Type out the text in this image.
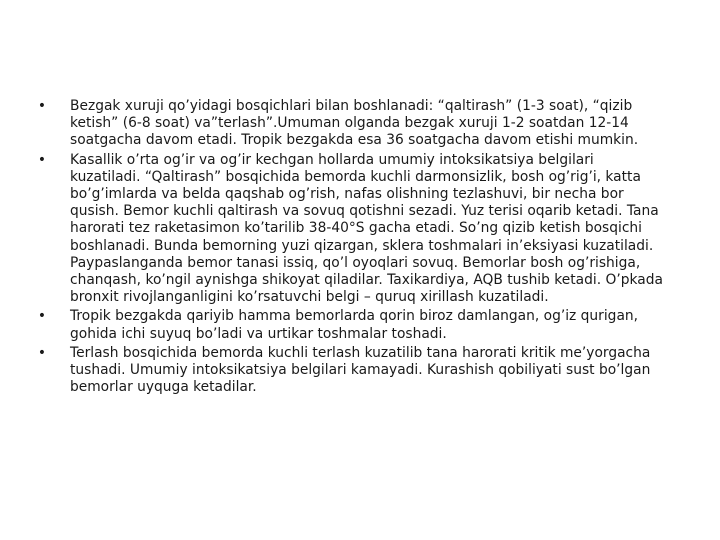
• Bezgak xuruji qo’yidagi bosqichlari bilan boshlanadi: “qaltirash” (1-3 soat), “qizib ketish” (6-8 soat) va”terlash”.Umuman olganda bezgak xuruji 1-2 soatdan 12-14 soatgacha davom etadi. Tropik bezgakda esa 36 soatgacha davom etishi mumkin.
• Kasallik o’rta og’ir va og’ir kechgan hollarda umumiy intoksikatsiya belgilari kuzatiladi. “Qaltirash” bosqichida bemorda kuchli darmonsizlik, bosh og’rig’i, katta bo’g’imlarda va belda qaqshab og’rish, nafas olishning tezlashuvi, bir necha bor qusish. Bemor kuchli qaltirash va sovuq qotishni sezadi. Yuz terisi oqarib ketadi. Tana harorati tez raketasimon ko’tarilib 38-40°S gacha etadi. So’ng qizib ketish bosqichi boshlanadi. Bunda bemorning yuzi qizargan, sklera toshmalari in’eksiyasi kuzatiladi. Paypaslanganda bemor tanasi issiq, qo’l oyoqlari sovuq. Bemorlar bosh og’rishiga, chanqash, ko’ngil aynishga shikoyat qiladilar. Taxikardiya, AQB tushib ketadi. O’pkada bronxit rivojlanganligini ko’rsatuvchi belgi – quruq xirillash kuzatiladi.
• Tropik bezgakda qariyib hamma bemorlarda qorin biroz damlangan, og’iz qurigan, gohida ichi suyuq bo’ladi va urtikar toshmalar toshadi.
• Terlash bosqichida bemorda kuchli terlash kuzatilib tana harorati kritik me’yorgacha tushadi. Umumiy intoksikatsiya belgilari kamayadi. Kurashish qobiliyati sust bo’lgan bemorlar uyquga ketadilar.
